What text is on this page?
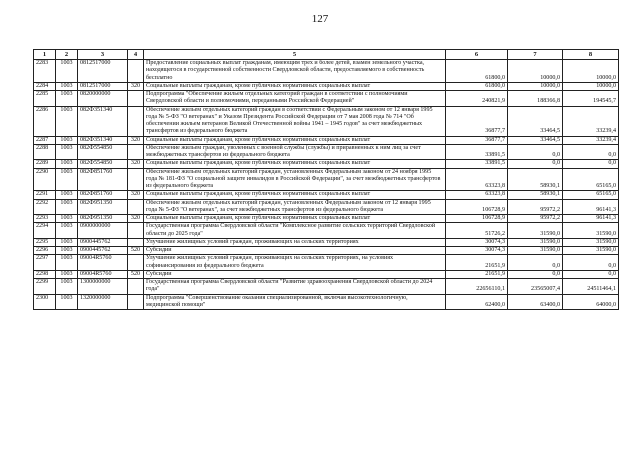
127
1	2	3	4	5	6	7	8
2283	1003	0812517000		Предоставление социальных выплат гражданам, имеющим трех и более детей, взамен земельного участка, находящегося в государственной собственности Свердловской области, предоставляемого в собственность бесплатно	61800,0	10000,0	10000,0
2284	1003	0812517000	320	Социальные выплаты гражданам, кроме публичных нормативных социальных выплат	61800,0	10000,0	10000,0
2285	1003	0820000000		Подпрограмма "Обеспечение жильем отдельных категорий граждан в соответствии с полномочиями Свердловской области и полномочиями, переданными Российской Федерацией"	240821,9	188366,8	194545,7
2286	1003	082Ф351340		Обеспечение жильем отдельных категорий граждан в соответствии с Федеральным законом от 12 января 1995 года № 5-ФЗ "О ветеранах" и Указом Президента Российской Федерации от 7 мая 2008 года № 714 "Об обеспечении жильем ветеранов Великой Отечественной войны 1941 – 1945 годов" за счет межбюджетных трансфертов из федерального бюджета	36877,7	33464,5	33239,4
2287	1003	082Ф351340	320	Социальные выплаты гражданам, кроме публичных нормативных социальных выплат	36877,7	33464,5	33239,4
2288	1003	082Ф554850		Обеспечение жильем граждан, уволенных с военной службы (службы) и приравненных к ним лиц за счет межбюджетных трансфертов из федерального бюджета	33891,5	0,0	0,0
2289	1003	082Ф554850	320	Социальные выплаты гражданам, кроме публичных нормативных социальных выплат	33891,5	0,0	0,0
2290	1003	082Ф851760		Обеспечение жильем отдельных категорий граждан, установленных Федеральным законом от 24 ноября 1995 года № 181-ФЗ "О социальной защите инвалидов в Российской Федерации", за счет межбюджетных трансфертов из федерального бюджета	63323,8	58930,1	65165,0
2291	1003	082Ф851760	320	Социальные выплаты гражданам, кроме публичных нормативных социальных выплат	63323,8	58930,1	65165,0
2292	1003	082Ф951350		Обеспечение жильем отдельных категорий граждан, установленных Федеральным законом от 12 января 1995 года № 5-ФЗ "О ветеранах", за счет межбюджетных трансфертов из федерального бюджета	106728,9	95972,2	96141,3
2293	1003	082Ф951350	320	Социальные выплаты гражданам, кроме публичных нормативных социальных выплат	106728,9	95972,2	96141,3
2294	1003	0900000000		Государственная программа Свердловской области "Комплексное развитие сельских территорий Свердловской области до 2025 года"	51726,2	31590,0	31590,0
2295	1003	0900445762		Улучшение жилищных условий граждан, проживающих на сельских территориях	30074,3	31590,0	31590,0
2296	1003	0900445762	520	Субсидии	30074,3	31590,0	31590,0
2297	1003	09004R5760		Улучшение жилищных условий граждан, проживающих на сельских территориях, на условиях софинансирования из федерального бюджета	21651,9	0,0	0,0
2298	1003	09004R5760	520	Субсидии	21651,9	0,0	0,0
2299	1003	1300000000		Государственная программа Свердловской области "Развитие здравоохранения Свердловской области до 2024 года"	22656110,1	23565007,4	24511464,1
2300	1003	1320000000		Подпрограмма "Совершенствование оказания специализированной, включая высокотехнологичную, медицинской помощи"	62400,0	63400,0	64000,0
